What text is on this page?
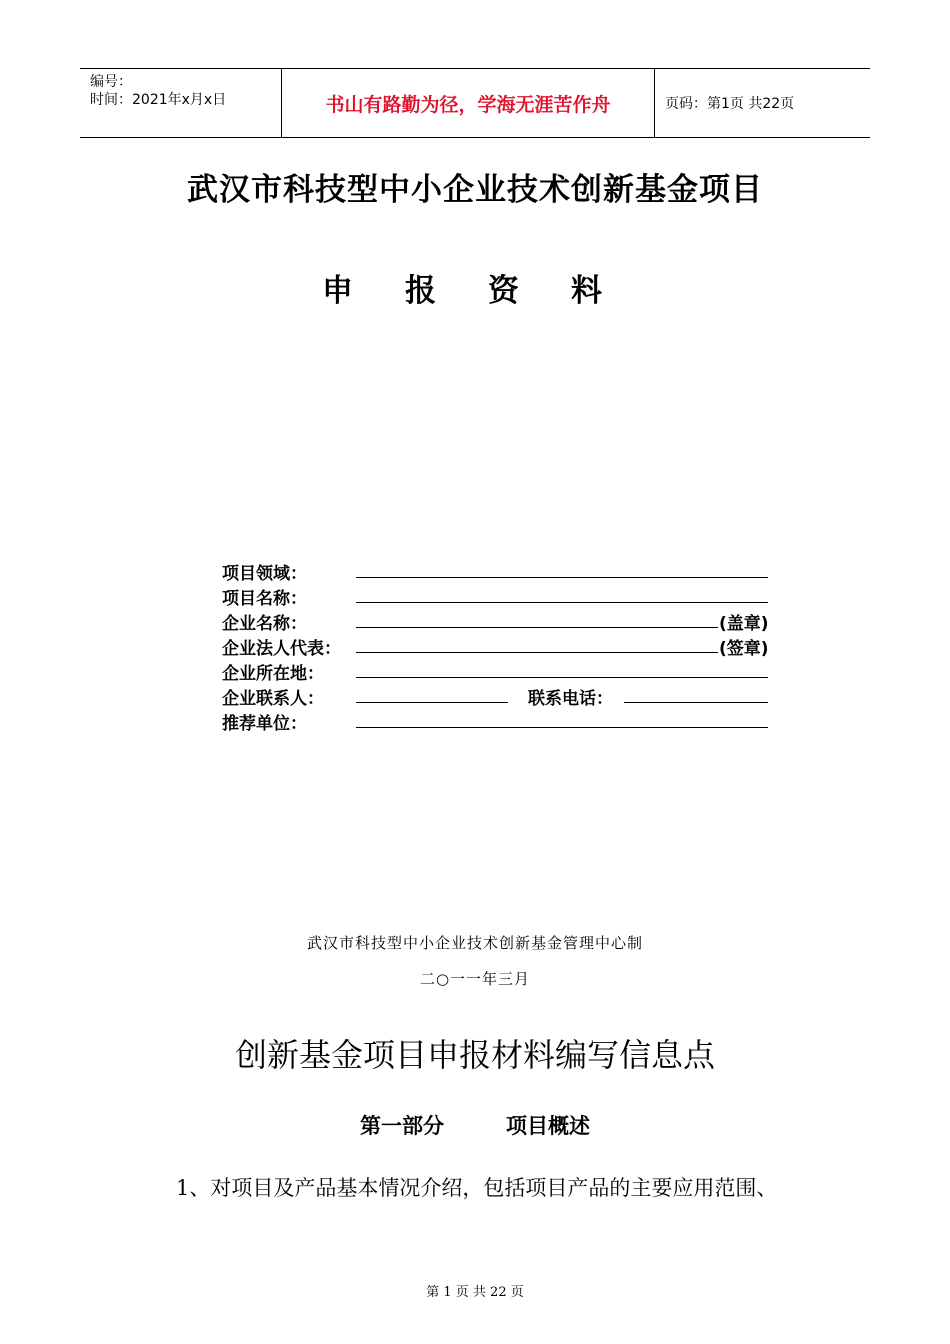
编号：
时间：2021年x月x日	书山有路勤为径，学海无涯苦作舟	页码：第1页 共22页
武汉市科技型中小企业技术创新基金项目
申报资料
项目领域：
项目名称：
企业名称：	(盖章)
企业法人代表：	(签章)
企业所在地：
企业联系人：	联系电话：
推荐单位：
武汉市科技型中小企业技术创新基金管理中心制
二○一一年三月
创新基金项目申报材料编写信息点
第一部分	项目概述
1、对项目及产品基本情况介绍，包括项目产品的主要应用范围、
第 1 页 共 22 页
